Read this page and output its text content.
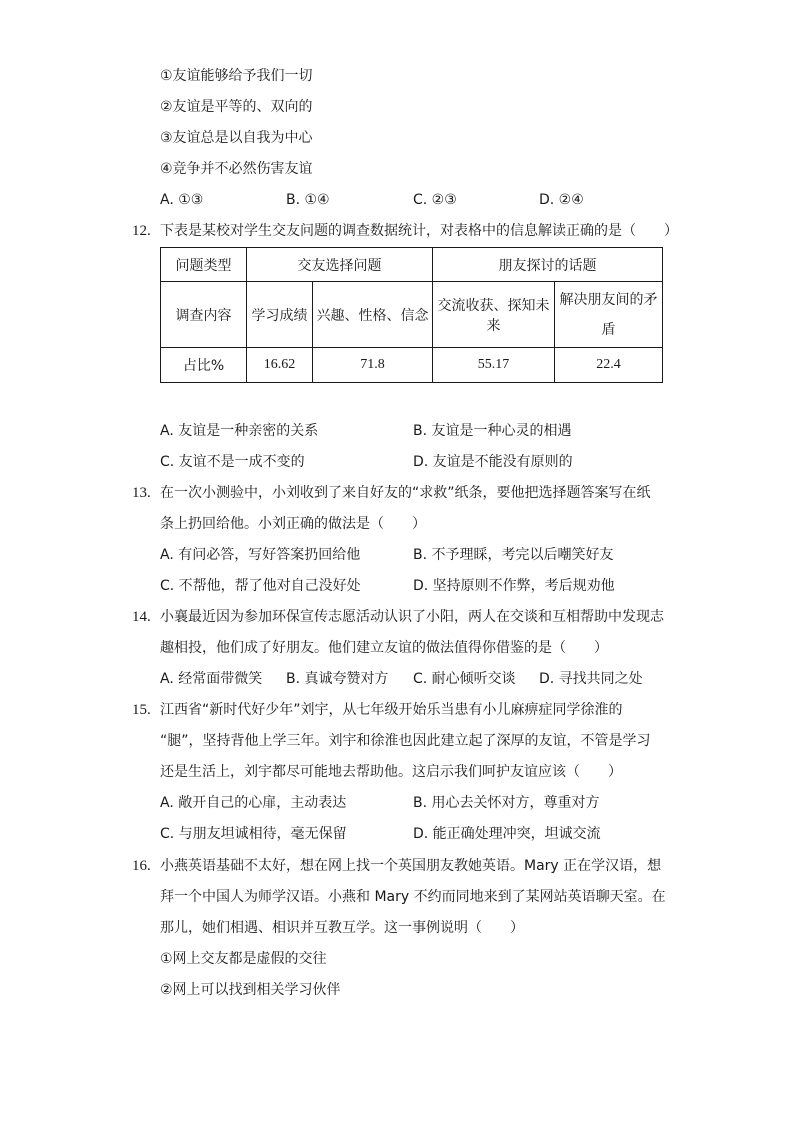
①友谊能够给予我们一切
②友谊是平等的、双向的
③友谊总是以自我为中心
④竞争并不必然伤害友谊
A. ①③	B. ①④	C. ②③	D. ②④
12. 下表是某校对学生交友问题的调查数据统计，对表格中的信息解读正确的是（　　）
问题类型	交友选择问题		朋友探讨的话题	
调查内容	学习成绩	兴趣、性格、信念	交流收获、探知未来	解决朋友间的矛盾
占比%	16.62	71.8	55.17	22.4
A. 友谊是一种亲密的关系	B. 友谊是一种心灵的相遇
C. 友谊不是一成不变的	D. 友谊是不能没有原则的
13. 在一次小测验中，小刘收到了来自好友的“求救”纸条，要他把选择题答案写在纸
条上扔回给他。小刘正确的做法是（　　）
A. 有问必答，写好答案扔回给他	B. 不予理睬，考完以后嘲笑好友
C. 不帮他，帮了他对自己没好处	D. 坚持原则不作弊，考后规劝他
14. 小襄最近因为参加环保宣传志愿活动认识了小阳，两人在交谈和互相帮助中发现志
趣相投，他们成了好朋友。他们建立友谊的做法值得你借鉴的是（　　）
A. 经常面带微笑 B. 真诚夸赞对方 C. 耐心倾听交谈 D. 寻找共同之处
15. 江西省“新时代好少年”刘宇，从七年级开始乐当患有小儿麻痹症同学徐淮的
“腿”，坚持背他上学三年。刘宇和徐淮也因此建立起了深厚的友谊，不管是学习
还是生活上，刘宇都尽可能地去帮助他。这启示我们呵护友谊应该（　　）
A. 敞开自己的心扉，主动表达	B. 用心去关怀对方，尊重对方
C. 与朋友坦诚相待，毫无保留	D. 能正确处理冲突，坦诚交流
16. 小燕英语基础不太好，想在网上找一个英国朋友教她英语。Mary 正在学汉语，想
拜一个中国人为师学汉语。小燕和 Mary 不约而同地来到了某网站英语聊天室。在
那儿，她们相遇、相识并互教互学。这一事例说明（　　）
①网上交友都是虚假的交往
②网上可以找到相关学习伙伴
